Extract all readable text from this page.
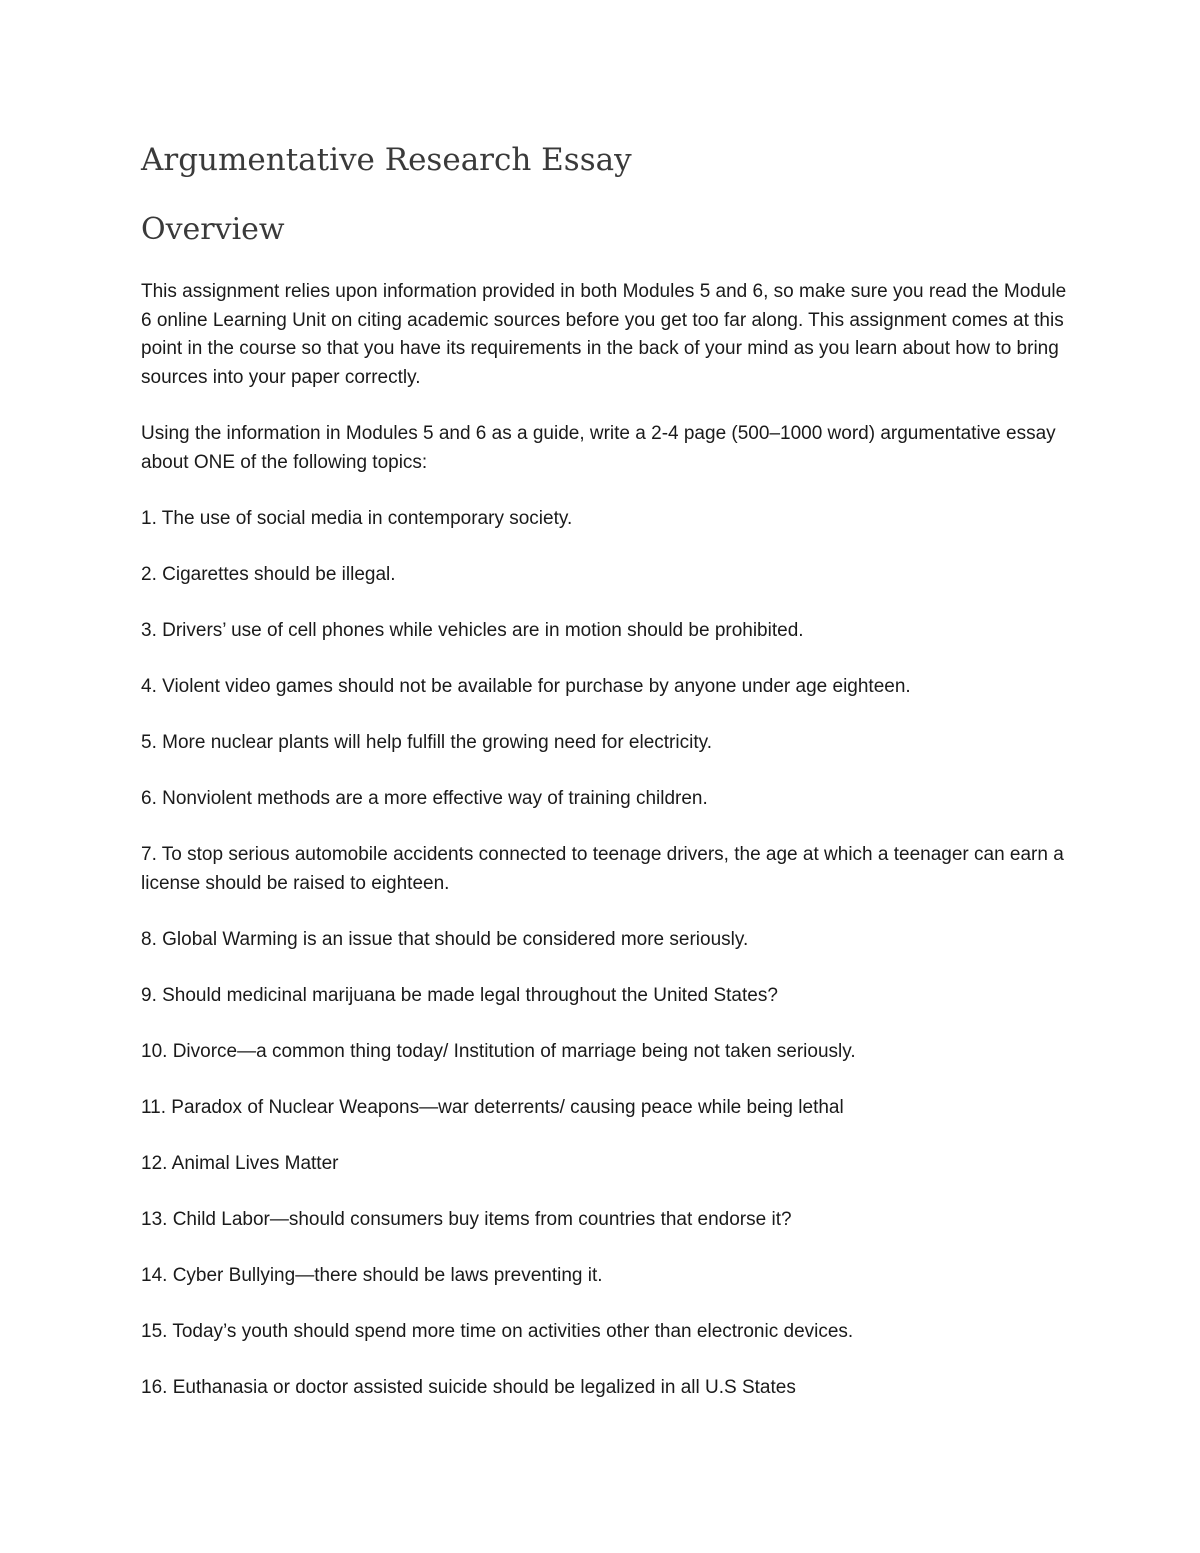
Argumentative Research Essay
Overview

This assignment relies upon information provided in both Modules 5 and 6, so make sure you read the Module 6 online Learning Unit on citing academic sources before you get too far along. This assignment comes at this point in the course so that you have its requirements in the back of your mind as you learn about how to bring sources into your paper correctly.

Using the information in Modules 5 and 6 as a guide, write a 2-4 page (500–1000 word) argumentative essay about ONE of the following topics:

1. The use of social media in contemporary society.
2. Cigarettes should be illegal.
3. Drivers’ use of cell phones while vehicles are in motion should be prohibited.
4. Violent video games should not be available for purchase by anyone under age eighteen.
5. More nuclear plants will help fulfill the growing need for electricity.
6. Nonviolent methods are a more effective way of training children.
7. To stop serious automobile accidents connected to teenage drivers, the age at which a teenager can earn a license should be raised to eighteen.
8. Global Warming is an issue that should be considered more seriously.
9. Should medicinal marijuana be made legal throughout the United States?
10. Divorce—a common thing today/ Institution of marriage being not taken seriously.
11. Paradox of Nuclear Weapons—war deterrents/ causing peace while being lethal
12. Animal Lives Matter
13. Child Labor—should consumers buy items from countries that endorse it?
14. Cyber Bullying—there should be laws preventing it.
15. Today’s youth should spend more time on activities other than electronic devices.
16. Euthanasia or doctor assisted suicide should be legalized in all U.S States
